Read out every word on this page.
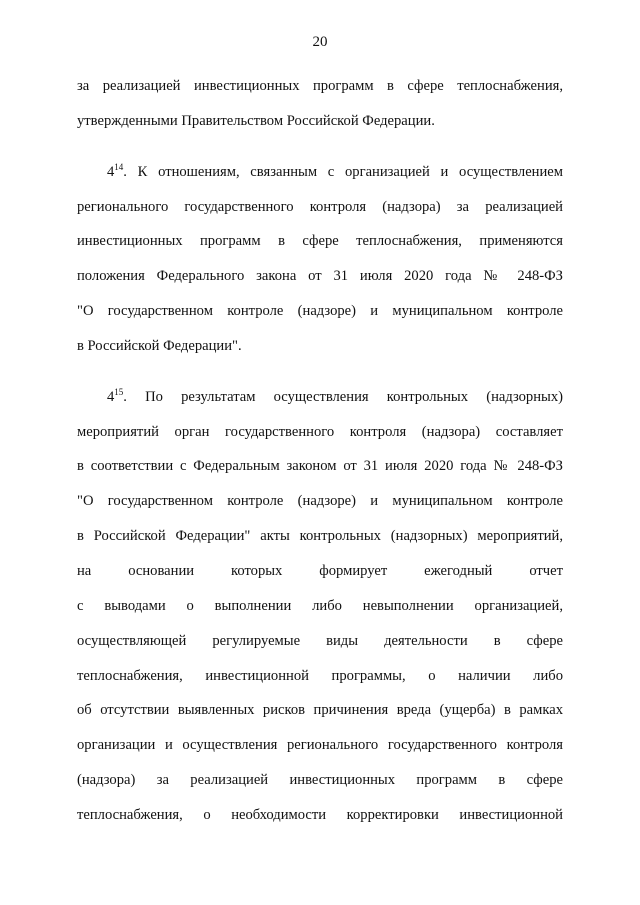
20
за реализацией инвестиционных программ в сфере теплоснабжения,
утвержденными Правительством Российской Федерации.
$4^{14}$. К отношениям, связанным с организацией и осуществлением
регионального государственного контроля (надзора) за реализацией
инвестиционных программ в сфере теплоснабжения, применяются
положения Федерального закона от 31 июля 2020 года № 248-ФЗ
"О государственном контроле (надзоре) и муниципальном контроле
в Российской Федерации".
$4^{15}$. По результатам осуществления контрольных (надзорных)
мероприятий орган государственного контроля (надзора) составляет
в соответствии с Федеральным законом от 31 июля 2020 года № 248-ФЗ
"О государственном контроле (надзоре) и муниципальном контроле
в Российской Федерации" акты контрольных (надзорных) мероприятий,
на основании которых формирует ежегодный отчет
с выводами о выполнении либо невыполнении организацией,
осуществляющей регулируемые виды деятельности в сфере
теплоснабжения, инвестиционной программы, о наличии либо
об отсутствии выявленных рисков причинения вреда (ущерба) в рамках
организации и осуществления регионального государственного контроля
(надзора) за реализацией инвестиционных программ в сфере
теплоснабжения, о необходимости корректировки инвестиционной
